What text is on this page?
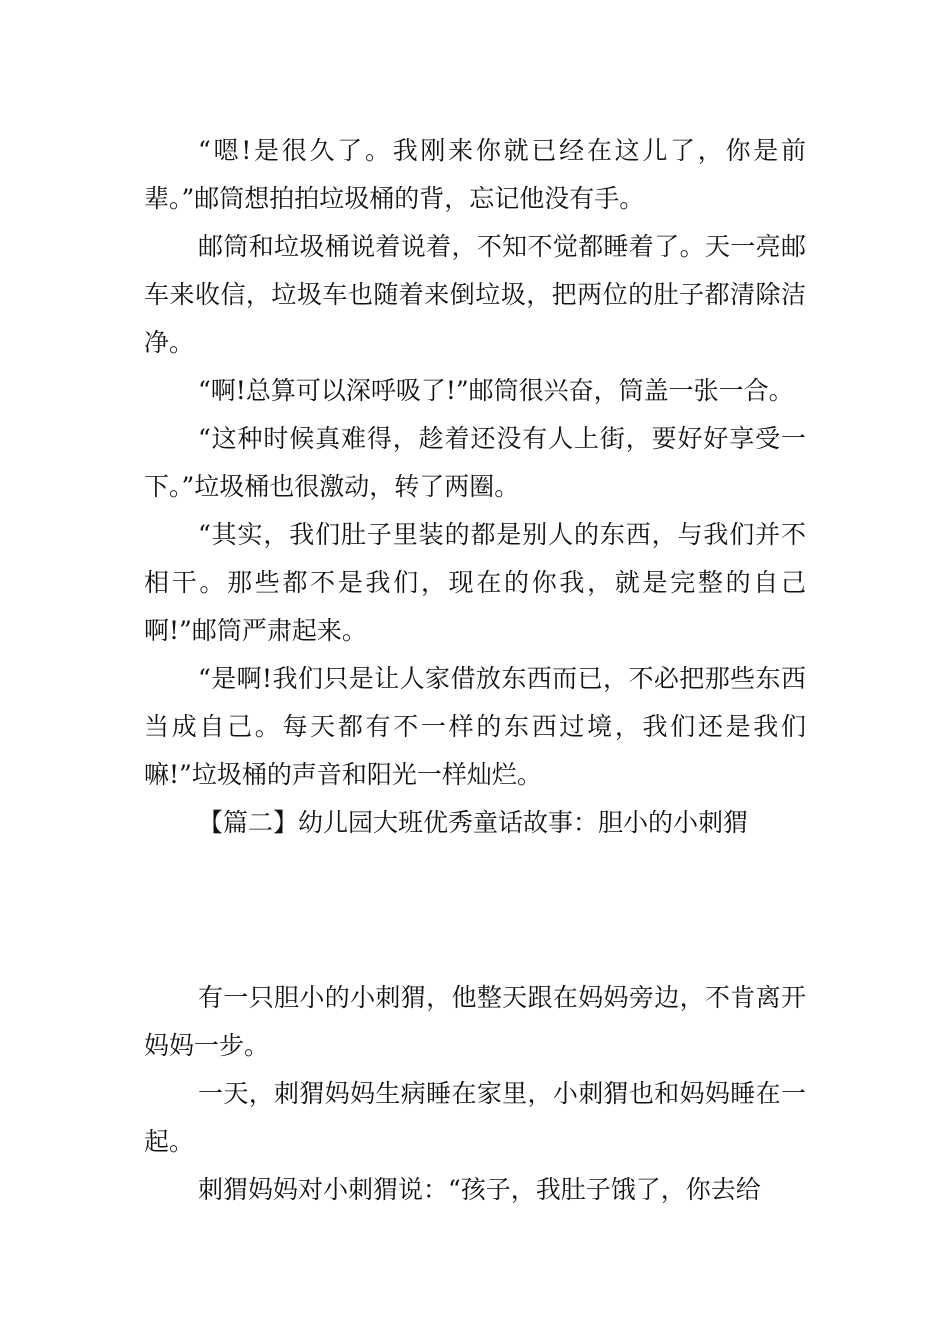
“嗯!是很久了。我刚来你就已经在这儿了，你是前辈。”邮筒想拍拍垃圾桶的背，忘记他没有手。

邮筒和垃圾桶说着说着，不知不觉都睡着了。天一亮邮车来收信，垃圾车也随着来倒垃圾，把两位的肚子都清除洁净。

“啊!总算可以深呼吸了!”邮筒很兴奋，筒盖一张一合。

“这种时候真难得，趁着还没有人上街，要好好享受一下。”垃圾桶也很激动，转了两圈。

“其实，我们肚子里装的都是别人的东西，与我们并不相干。那些都不是我们，现在的你我，就是完整的自己啊!”邮筒严肃起来。

“是啊!我们只是让人家借放东西而已，不必把那些东西当成自己。每天都有不一样的东西过境，我们还是我们嘛!”垃圾桶的声音和阳光一样灿烂。

【篇二】幼儿园大班优秀童话故事：胆小的小刺猬

有一只胆小的小刺猬，他整天跟在妈妈旁边，不肯离开妈妈一步。

一天，刺猬妈妈生病睡在家里，小刺猬也和妈妈睡在一起。

刺猬妈妈对小刺猬说：“孩子，我肚子饿了，你去给
